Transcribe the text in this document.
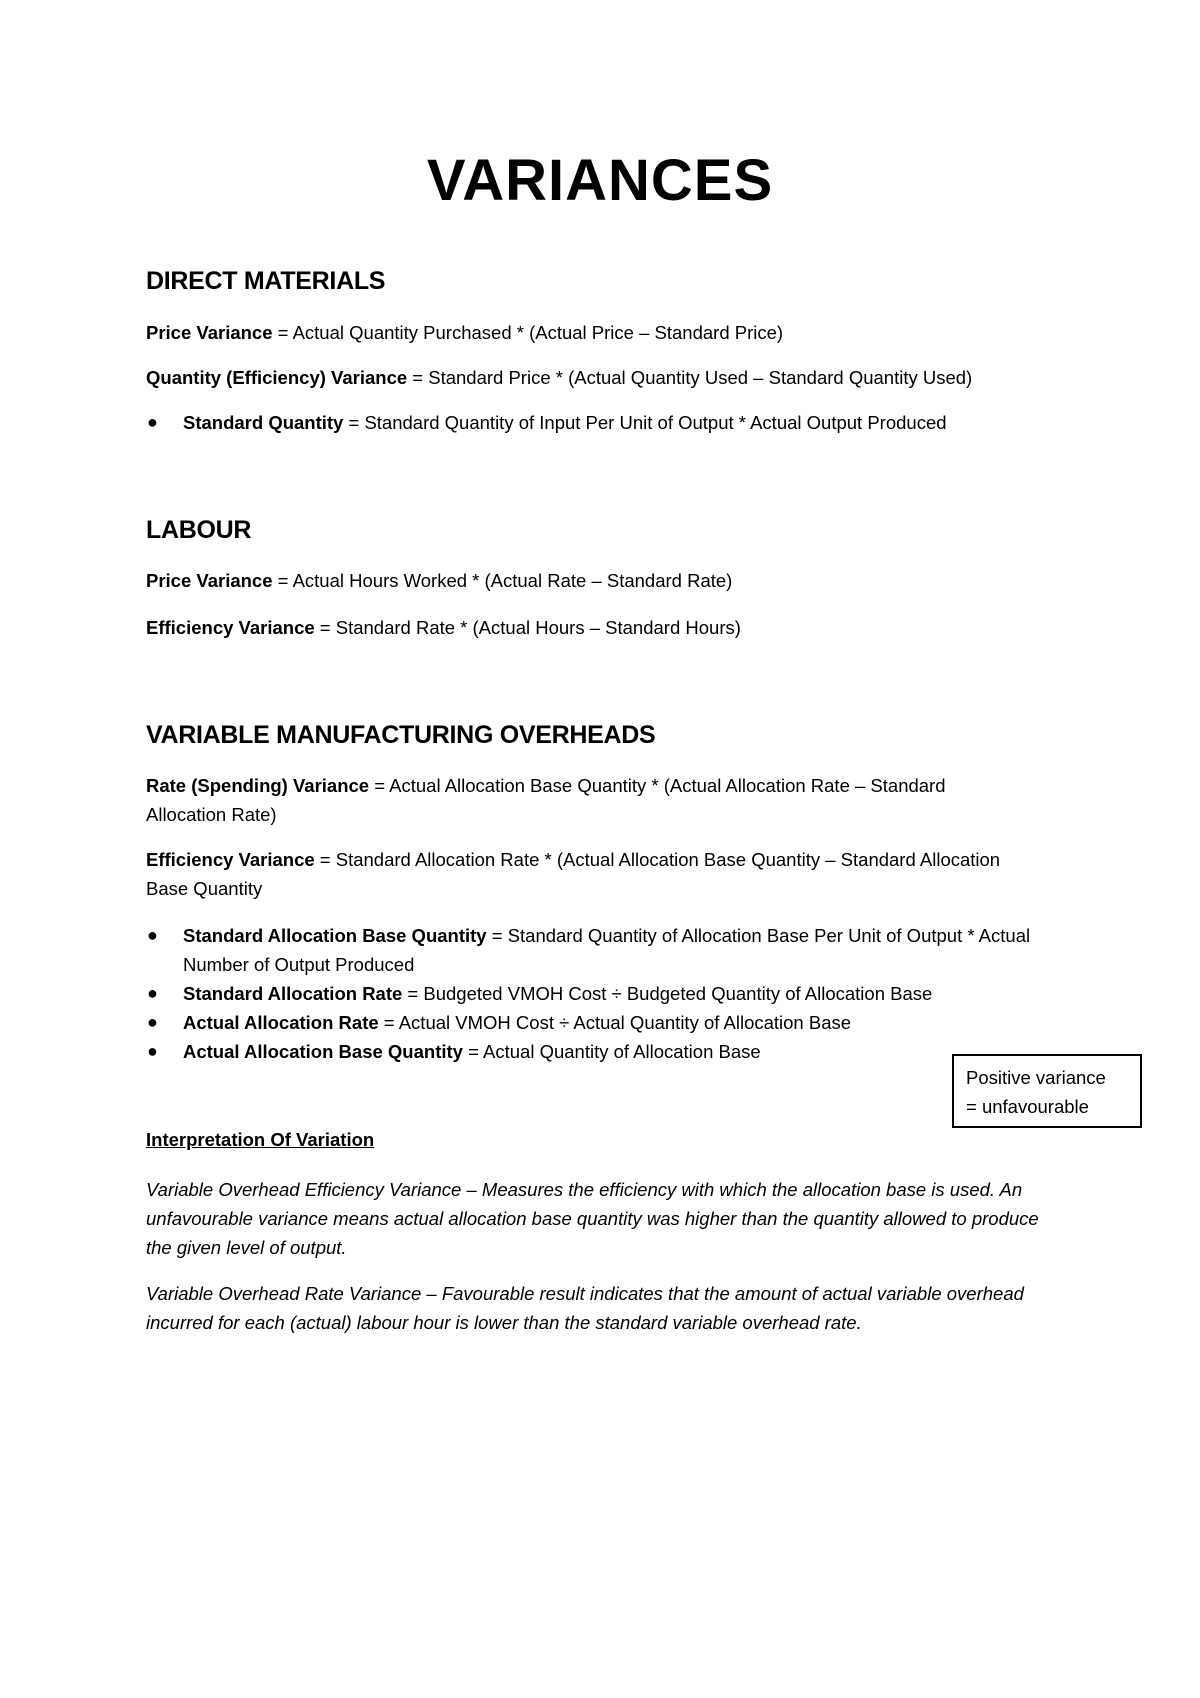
VARIANCES
DIRECT MATERIALS

Price Variance = Actual Quantity Purchased * (Actual Price – Standard Price)

Quantity (Efficiency) Variance = Standard Price * (Actual Quantity Used – Standard Quantity Used)

● Standard Quantity = Standard Quantity of Input Per Unit of Output * Actual Output Produced
LABOUR

Price Variance = Actual Hours Worked * (Actual Rate – Standard Rate)

Efficiency Variance = Standard Rate * (Actual Hours – Standard Hours)

VARIABLE MANUFACTURING OVERHEADS

Rate (Spending) Variance = Actual Allocation Base Quantity * (Actual Allocation Rate – Standard Allocation Rate)

Efficiency Variance = Standard Allocation Rate * (Actual Allocation Base Quantity – Standard Allocation Base Quantity

● Standard Allocation Base Quantity = Standard Quantity of Allocation Base Per Unit of Output * Actual Number of Output Produced
● Standard Allocation Rate = Budgeted VMOH Cost ÷ Budgeted Quantity of Allocation Base
● Actual Allocation Rate = Actual VMOH Cost ÷ Actual Quantity of Allocation Base
● Actual Allocation Base Quantity = Actual Quantity of Allocation Base

Interpretation Of Variation

Variable Overhead Efficiency Variance – Measures the efficiency with which the allocation base is used. An unfavourable variance means actual allocation base quantity was higher than the quantity allowed to produce the given level of output.

Variable Overhead Rate Variance – Favourable result indicates that the amount of actual variable overhead incurred for each (actual) labour hour is lower than the standard variable overhead rate.

Positive variance
= unfavourable
